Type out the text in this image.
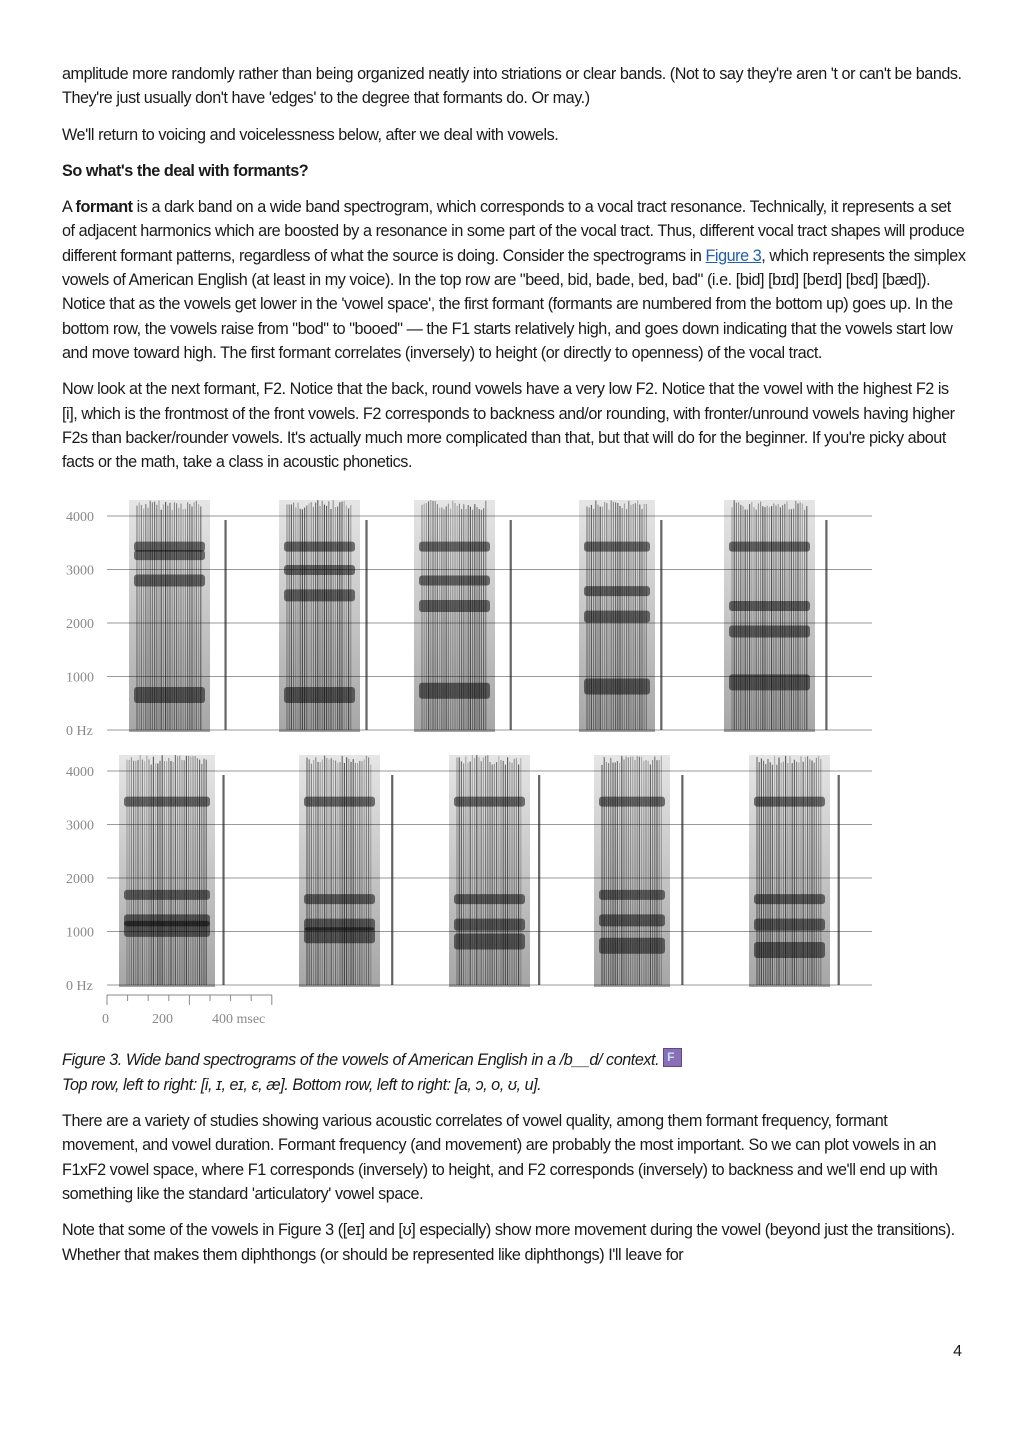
amplitude more randomly rather than being organized neatly into striations or clear bands. (Not to say they're aren 't or can't be bands. They're just usually don't have 'edges' to the degree that formants do. Or may.)

We'll return to voicing and voicelessness below, after we deal with vowels.

So what's the deal with formants?

A formant is a dark band on a wide band spectrogram, which corresponds to a vocal tract resonance. Technically, it represents a set of adjacent harmonics which are boosted by a resonance in some part of the vocal tract. Thus, different vocal tract shapes will produce different formant patterns, regardless of what the source is doing. Consider the spectrograms in Figure 3, which represents the simplex vowels of American English (at least in my voice). In the top row are "beed, bid, bade, bed, bad" (i.e. [bid] [bɪd] [beɪd] [bɛd] [bæd]). Notice that as the vowels get lower in the 'vowel space', the first formant (formants are numbered from the bottom up) goes up. In the bottom row, the vowels raise from "bod" to "booed" — the F1 starts relatively high, and goes down indicating that the vowels start low and move toward high. The first formant correlates (inversely) to height (or directly to openness) of the vocal tract.

Now look at the next formant, F2. Notice that the back, round vowels have a very low F2. Notice that the vowel with the highest F2 is [i], which is the frontmost of the front vowels. F2 corresponds to backness and/or rounding, with fronter/unround vowels having higher F2s than backer/rounder vowels. It's actually much more complicated than that, but that will do for the beginner. If you're picky about facts or the math, take a class in acoustic phonetics.

4000
3000
2000
1000
0 Hz
4000
3000
2000
1000
0 Hz
0	200	400 msec

Figure 3. Wide band spectrograms of the vowels of American English in a /b__d/ context. F

Top row, left to right: [i, ɪ, eɪ, ɛ, æ]. Bottom row, left to right: [a, ɔ, o, ʊ, u].

There are a variety of studies showing various acoustic correlates of vowel quality, among them formant frequency, formant movement, and vowel duration. Formant frequency (and movement) are probably the most important. So we can plot vowels in an F1xF2 vowel space, where F1 corresponds (inversely) to height, and F2 corresponds (inversely) to backness and we'll end up with something like the standard 'articulatory' vowel space.

Note that some of the vowels in Figure 3 ([eɪ] and [ʊ] especially) show more movement during the vowel (beyond just the transitions). Whether that makes them diphthongs (or should be represented like diphthongs) I'll leave for

4
